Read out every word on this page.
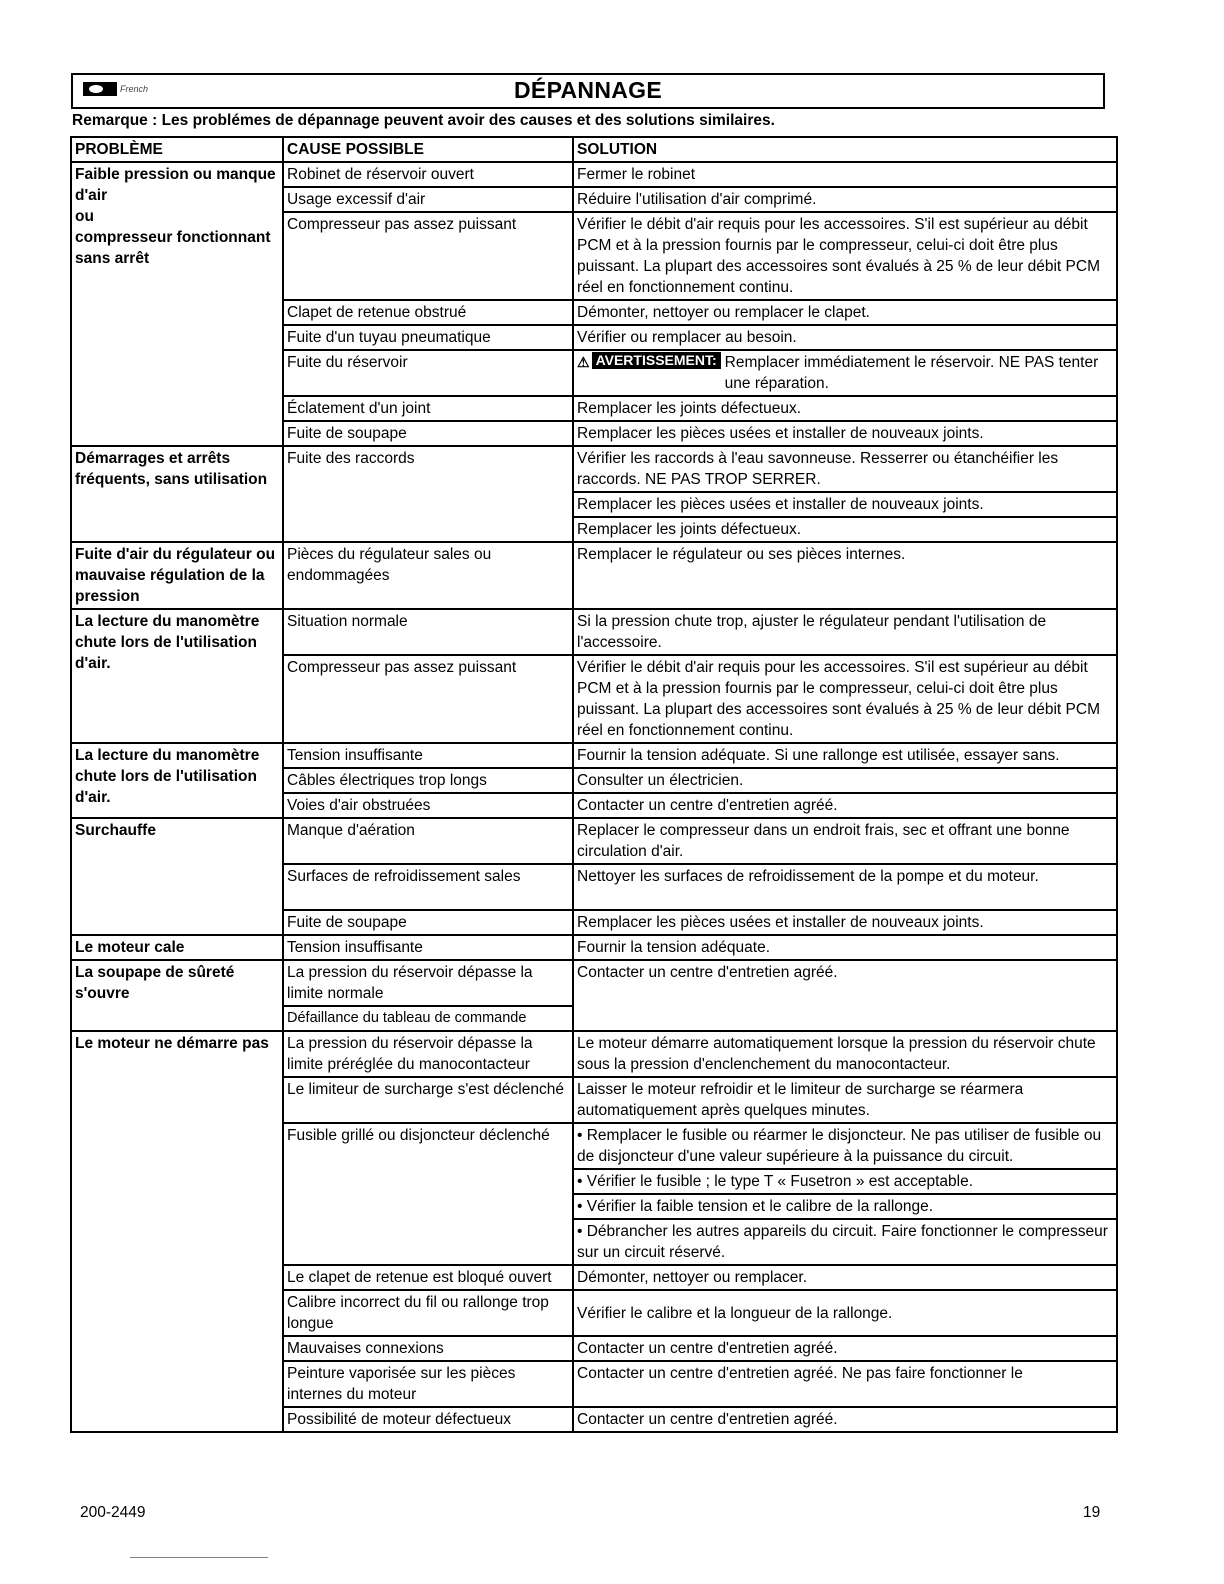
French	DÉPANNAGE
Remarque : Les problémes de dépannage peuvent avoir des causes et des solutions similaires.
PROBLÈME	CAUSE POSSIBLE	SOLUTION
Faible pression ou manque d'air
ou
compresseur fonctionnant sans arrêt	Robinet de réservoir ouvert	Fermer le robinet
	Usage excessif d'air	Réduire l'utilisation d'air comprimé.
	Compresseur pas assez puissant	Vérifier le débit d'air requis pour les accessoires. S'il est supérieur au débit PCM et à la pression fournis par le compresseur, celui-ci doit être plus puissant. La plupart des accessoires sont évalués à 25 % de leur débit PCM réel en fonctionnement continu.
	Clapet de retenue obstrué	Démonter, nettoyer ou remplacer le clapet.
	Fuite d'un tuyau pneumatique	Vérifier ou remplacer au besoin.
	Fuite du réservoir	⚠ AVERTISSEMENT: Remplacer immédiatement le réservoir. NE PAS tenter une réparation.

	Éclatement d'un joint	Remplacer les joints défectueux.
	Fuite de soupape	Remplacer les pièces usées et installer de nouveaux joints.
Démarrages et arrêts fréquents, sans utilisation	Fuite des raccords	Vérifier les raccords à l'eau savonneuse. Resserrer ou étanchéifier les raccords. NE PAS TROP SERRER.
		Remplacer les pièces usées et installer de nouveaux joints.
		Remplacer les joints défectueux.
Fuite d'air du régulateur ou mauvaise régulation de la pression	Pièces du régulateur sales ou endommagées	Remplacer le régulateur ou ses pièces internes.
La lecture du manomètre chute lors de l'utilisation d'air.	Situation normale	Si la pression chute trop, ajuster le régulateur pendant l'utilisation de l'accessoire.
	Compresseur pas assez puissant	Vérifier le débit d'air requis pour les accessoires. S'il est supérieur au débit PCM et à la pression fournis par le compresseur, celui-ci doit être plus puissant. La plupart des accessoires sont évalués à 25 % de leur débit PCM réel en fonctionnement continu.
La lecture du manomètre chute lors de l'utilisation d'air.	Tension insuffisante	Fournir la tension adéquate. Si une rallonge est utilisée, essayer sans.
	Câbles électriques trop longs	Consulter un électricien.
	Voies d'air obstruées	Contacter un centre d'entretien agréé.
Surchauffe	Manque d'aération	Replacer le compresseur dans un endroit frais, sec et offrant une bonne circulation d'air.
	Surfaces de refroidissement sales	Nettoyer les surfaces de refroidissement de la pompe et du moteur.
	Fuite de soupape	Remplacer les pièces usées et installer de nouveaux joints.
Le moteur cale	Tension insuffisante	Fournir la tension adéquate.
La soupape de sûreté s'ouvre	La pression du réservoir dépasse la limite normale	Contacter un centre d'entretien agréé.
	Défaillance du tableau de commande	
Le moteur ne démarre pas	La pression du réservoir dépasse la limite préréglée du manocontacteur	Le moteur démarre automatiquement lorsque la pression du réservoir chute sous la pression d'enclenchement du manocontacteur.
	Le limiteur de surcharge s'est déclenché	Laisser le moteur refroidir et le limiteur de surcharge se réarmera automatiquement après quelques minutes.
	Fusible grillé ou disjoncteur déclenché	• Remplacer le fusible ou réarmer le disjoncteur. Ne pas utiliser de fusible ou de disjoncteur d'une valeur supérieure à la puissance du circuit.
		• Vérifier le fusible ; le type T « Fusetron » est acceptable.
		• Vérifier la faible tension et le calibre de la rallonge.
		• Débrancher les autres appareils du circuit. Faire fonctionner le compresseur sur un circuit réservé.
	Le clapet de retenue est bloqué ouvert	Démonter, nettoyer ou remplacer.
	Calibre incorrect du fil ou rallonge trop longue	Vérifier le calibre et la longueur de la rallonge.
	Mauvaises connexions	Contacter un centre d'entretien agréé.
	Peinture vaporisée sur les pièces internes du moteur	Contacter un centre d'entretien agréé. Ne pas faire fonctionner le
	Possibilité de moteur défectueux	Contacter un centre d'entretien agréé.
200-2449	19
